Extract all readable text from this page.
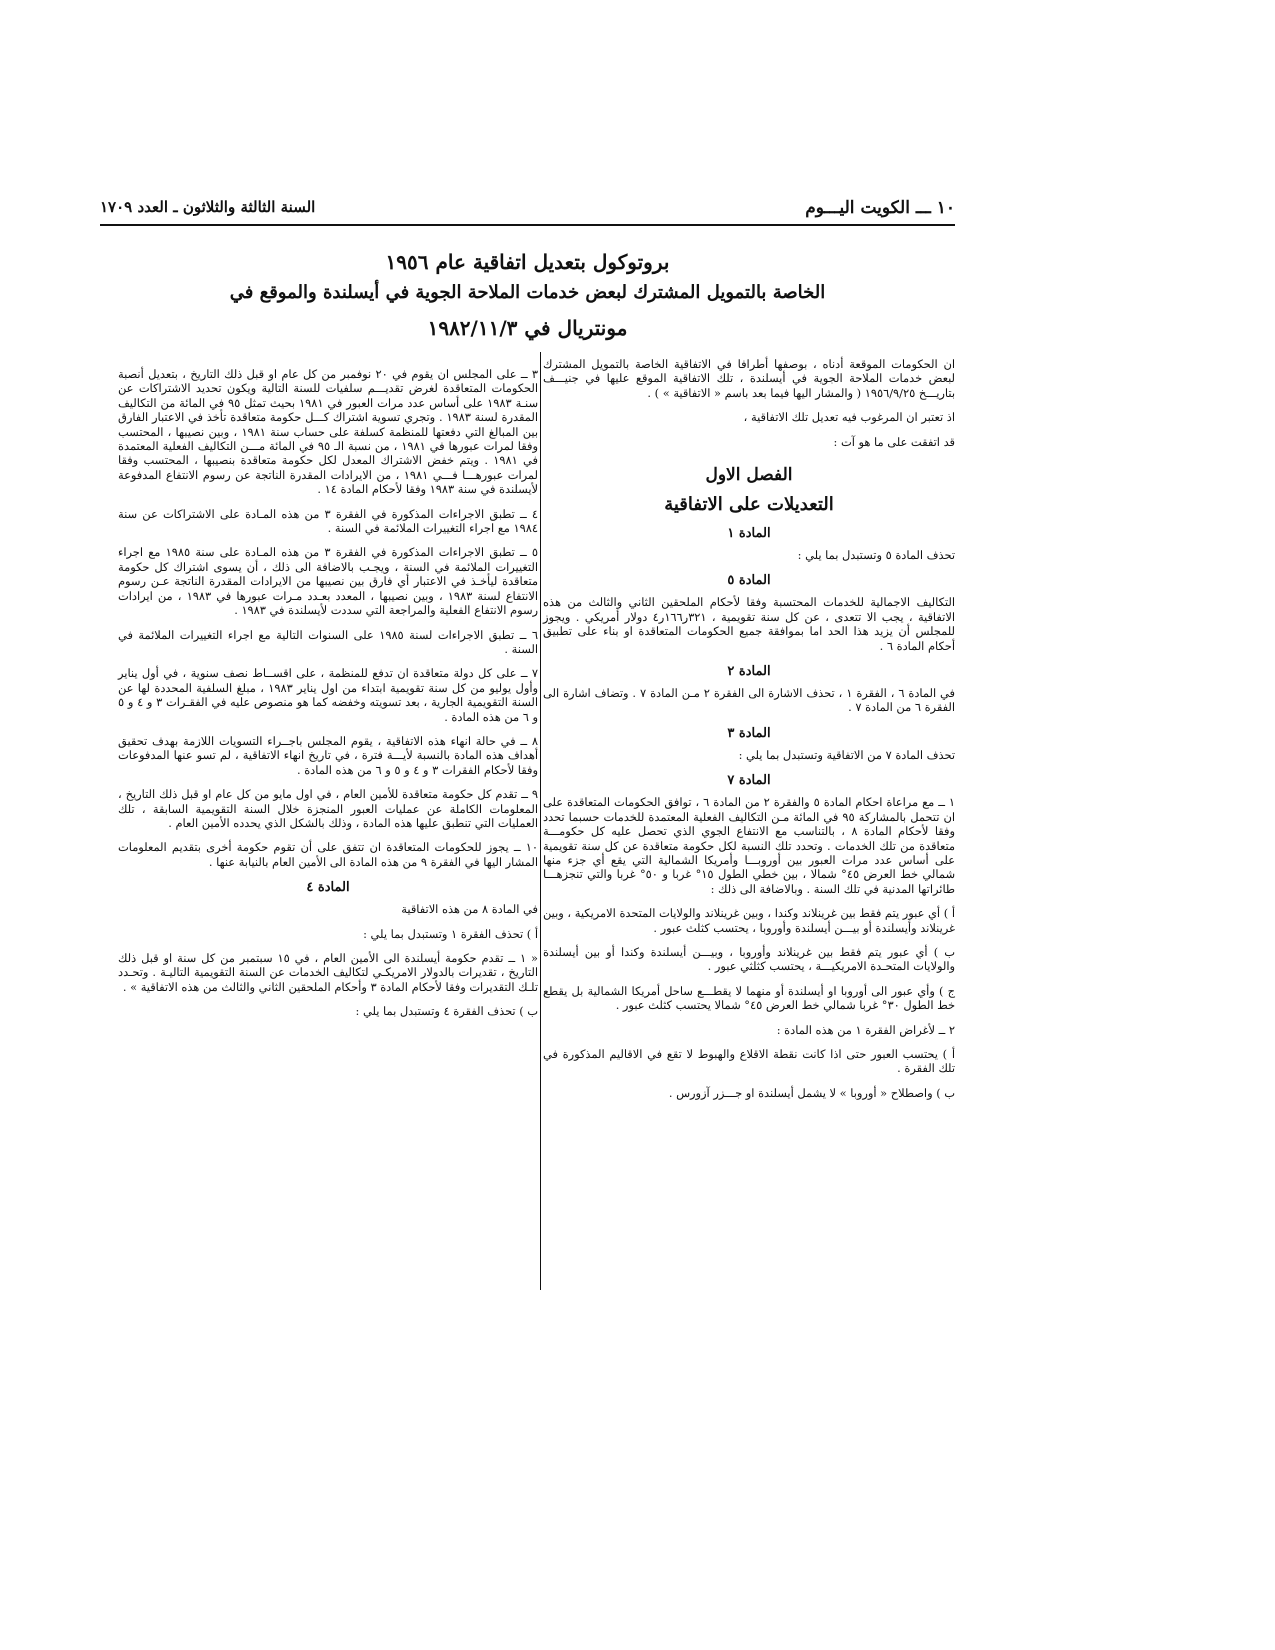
١٠ ـــ الكويت اليـــوم
السنة الثالثة والثلاثون ـ العدد ١٧٠٩
بروتوكول بتعديل اتفاقية عام ١٩٥٦
الخاصة بالتمويل المشترك لبعض خدمات الملاحة الجوية في أيسلندة والموقع في
مونتريال في ١٩٨٢/١١/٣

ان الحكومات الموقعة أدناه ، بوصفها أطرافا في الاتفاقية الخاصة بالتمويل المشترك لبعض خدمات الملاحة الجوية في أيسلندة ، تلك الاتفاقية الموقع عليها في جنيـــف بتاريـــخ ١٩٥٦/٩/٢٥ ( والمشار اليها فيما بعد باسم « الاتفاقية » ) .

اذ تعتبر ان المرغوب فيه تعديل تلك الاتفاقية ،

قد اتفقت على ما هو آت :

الفصل الاول
التعديلات على الاتفاقية
المادة ١

تحذف المادة ٥ وتستبدل بما يلي :

المادة ٥

التكاليف الاجمالية للخدمات المحتسبة وفقا لأحكام الملحقين الثاني والثالث من هذه الاتفاقية ، يجب الا تتعدى ، عن كل سنة تقويمية ، ٣٢١ر١٦٦ر٤ دولار أمريكي . ويجوز للمجلس أن يزيد هذا الحد اما بموافقة جميع الحكومات المتعاقدة او بناء على تطبيق أحكام المادة ٦ .

المادة ٢

في المادة ٦ ، الفقرة ١ ، تحذف الاشارة الى الفقرة ٢ مـن المادة ٧ . وتضاف اشارة الى الفقرة ٦ من المادة ٧ .

المادة ٣

تحذف المادة ٧ من الاتفاقية وتستبدل بما يلي :

المادة ٧

١ ــ مع مراعاة احكام المادة ٥ والفقرة ٢ من المادة ٦ ، توافق الحكومات المتعاقدة على ان تتحمل بالمشاركة ٩٥ في المائة مـن التكاليف الفعلية المعتمدة للخدمات حسبما تحدد وفقا لأحكام المادة ٨ ، بالتناسب مع الانتفاع الجوي الذي تحصل عليه كل حكومـــة متعاقدة من تلك الخدمات . وتحدد تلك النسبة لكل حكومة متعاقدة عن كل سنة تقويمية على أساس عدد مرات العبور بين أوروبـــا وأمريكا الشمالية التي يقع أي جزء منها شمالي خط العرض ٤٥° شمالا ، بين خطي الطول ١٥° غربا و ٥٠° غربا والتي تنجزهـــا طائراتها المدنية في تلك السنة . وبالاضافة الى ذلك :

أ ) أي عبور يتم فقط بين غرينلاند وكندا ، وبين غرينلاند والولايات المتحدة الامريكية ، وبين غرينلاند وأيسلندة أو بيـــن أيسلندة وأوروبا ، يحتسب كثلث عبور .

ب ) أي عبور يتم فقط بين غرينلاند وأوروبا ، وبيـــن أيسلندة وكندا أو بين أيسلندة والولايات المتحـدة الامريكيـــة ، يحتسب كثلثي عبور .

ج ) وأي عبور الى أوروبا او أيسلندة أو منهما لا يقطـــع ساحل أمريكا الشمالية بل يقطع خط الطول ٣٠° غربا شمالي خط العرض ٤٥° شمالا يحتسب كثلث عبور .

٢ ــ لأغراض الفقرة ١ من هذه المادة :

أ ) يحتسب العبور حتى اذا كانت نقطة الاقلاع والهبوط لا تقع في الاقاليم المذكورة في تلك الفقرة .

ب ) واصطلاح « أوروبا » لا يشمل أيسلندة او جـــزر آزورس .

٣ ــ على المجلس ان يقوم في ٢٠ نوفمبر من كل عام او قبل ذلك التاريخ ، بتعديل أنصبة الحكومات المتعاقدة لغرض تقديـــم سلفيات للسنة التالية ويكون تحديد الاشتراكات عن سنـة ١٩٨٣ على أساس عدد مرات العبور في ١٩٨١ بحيث تمثل ٩٥ في المائة من التكاليف المقدرة لسنة ١٩٨٣ . وتجري تسوية اشتراك كـــل حكومة متعاقدة تأخذ في الاعتبار الفارق بين المبالغ التي دفعتها للمنظمة كسلفة على حساب سنة ١٩٨١ ، وبين نصيبها ، المحتسب وفقا لمرات عبورها في ١٩٨١ ، من نسبة الـ ٩٥ في المائة مـــن التكاليف الفعلية المعتمدة في ١٩٨١ . ويتم خفض الاشتراك المعدل لكل حكومة متعاقدة بنصيبها ، المحتسب وفقا لمرات عبورهـــا فـــي ١٩٨١ ، من الايرادات المقدرة الناتجة عن رسوم الانتفاع المدفوعة لأيسلندة في سنة ١٩٨٣ وفقا لأحكام المادة ١٤ .

٤ ــ تطبق الاجراءات المذكورة في الفقرة ٣ من هذه المـادة على الاشتراكات عن سنة ١٩٨٤ مع اجراء التغييرات الملائمة في السنة .

٥ ــ تطبق الاجراءات المذكورة في الفقرة ٣ من هذه المـادة على سنة ١٩٨٥ مع اجراء التغييرات الملائمة في السنة ، ويجـب بالاضافة الى ذلك ، أن يسوى اشتراك كل حكومة متعاقدة ليأخـذ في الاعتبار أي فارق بين نصيبها من الايرادات المقدرة الناتجة عـن رسوم الانتفاع لسنة ١٩٨٣ ، وبين نصيبها ، المعدد بعـدد مـرات عبورها في ١٩٨٣ ، من ايرادات رسوم الانتفاع الفعلية والمراجعة التي سددت لأيسلندة في ١٩٨٣ .

٦ ــ تطبق الاجراءات لسنة ١٩٨٥ على السنوات التالية مع اجراء التغييرات الملائمة في السنة .

٧ ــ على كل دولة متعاقدة ان تدفع للمنظمة ، على اقســاط نصف سنوية ، في أول يناير وأول يوليو من كل سنة تقويمية ابتداء من اول يناير ١٩٨٣ ، مبلغ السلفية المحددة لها عن السنة التقويمية الجارية ، بعد تسويته وخفضه كما هو منصوص عليه في الفقـرات ٣ و ٤ و ٥ و ٦ من هذه المادة .

٨ ــ في حالة انهاء هذه الاتفاقية ، يقوم المجلس باجــراء التسويات اللازمة بهدف تحقيق أهداف هذه المادة بالنسبة لأيـــة فترة ، في تاريخ انهاء الاتفاقية ، لم تسو عنها المدفوعات وفقا لأحكام الفقرات ٣ و ٤ و ٥ و ٦ من هذه المادة .

٩ ــ تقدم كل حكومة متعاقدة للأمين العام ، في اول مايو من كل عام او قبل ذلك التاريخ ، المعلومات الكاملة عن عمليات العبور المنجزة خلال السنة التقويمية السابقة ، تلك العمليات التي تنطبق عليها هذه المادة ، وذلك بالشكل الذي يحدده الأمين العام .

١٠ ــ يجوز للحكومات المتعاقدة ان تتفق على أن تقوم حكومة أخرى بتقديم المعلومات المشار اليها في الفقرة ٩ من هذه المادة الى الأمين العام بالنيابة عنها .

المادة ٤

في المادة ٨ من هذه الاتفاقية

أ ) تحذف الفقرة ١ وتستبدل بما يلي :

« ١ ــ تقدم حكومة أيسلندة الى الأمين العام ، في ١٥ سبتمبر من كل سنة او قبل ذلك التاريخ ، تقديرات بالدولار الامريكـي لتكاليف الخدمات عن السنة التقويمية التاليـة . وتحـدد تلـك التقديرات وفقا لأحكام المادة ٣ وأحكام الملحقين الثاني والثالث من هذه الاتفاقية » .

ب ) تحذف الفقرة ٤ وتستبدل بما يلي :
